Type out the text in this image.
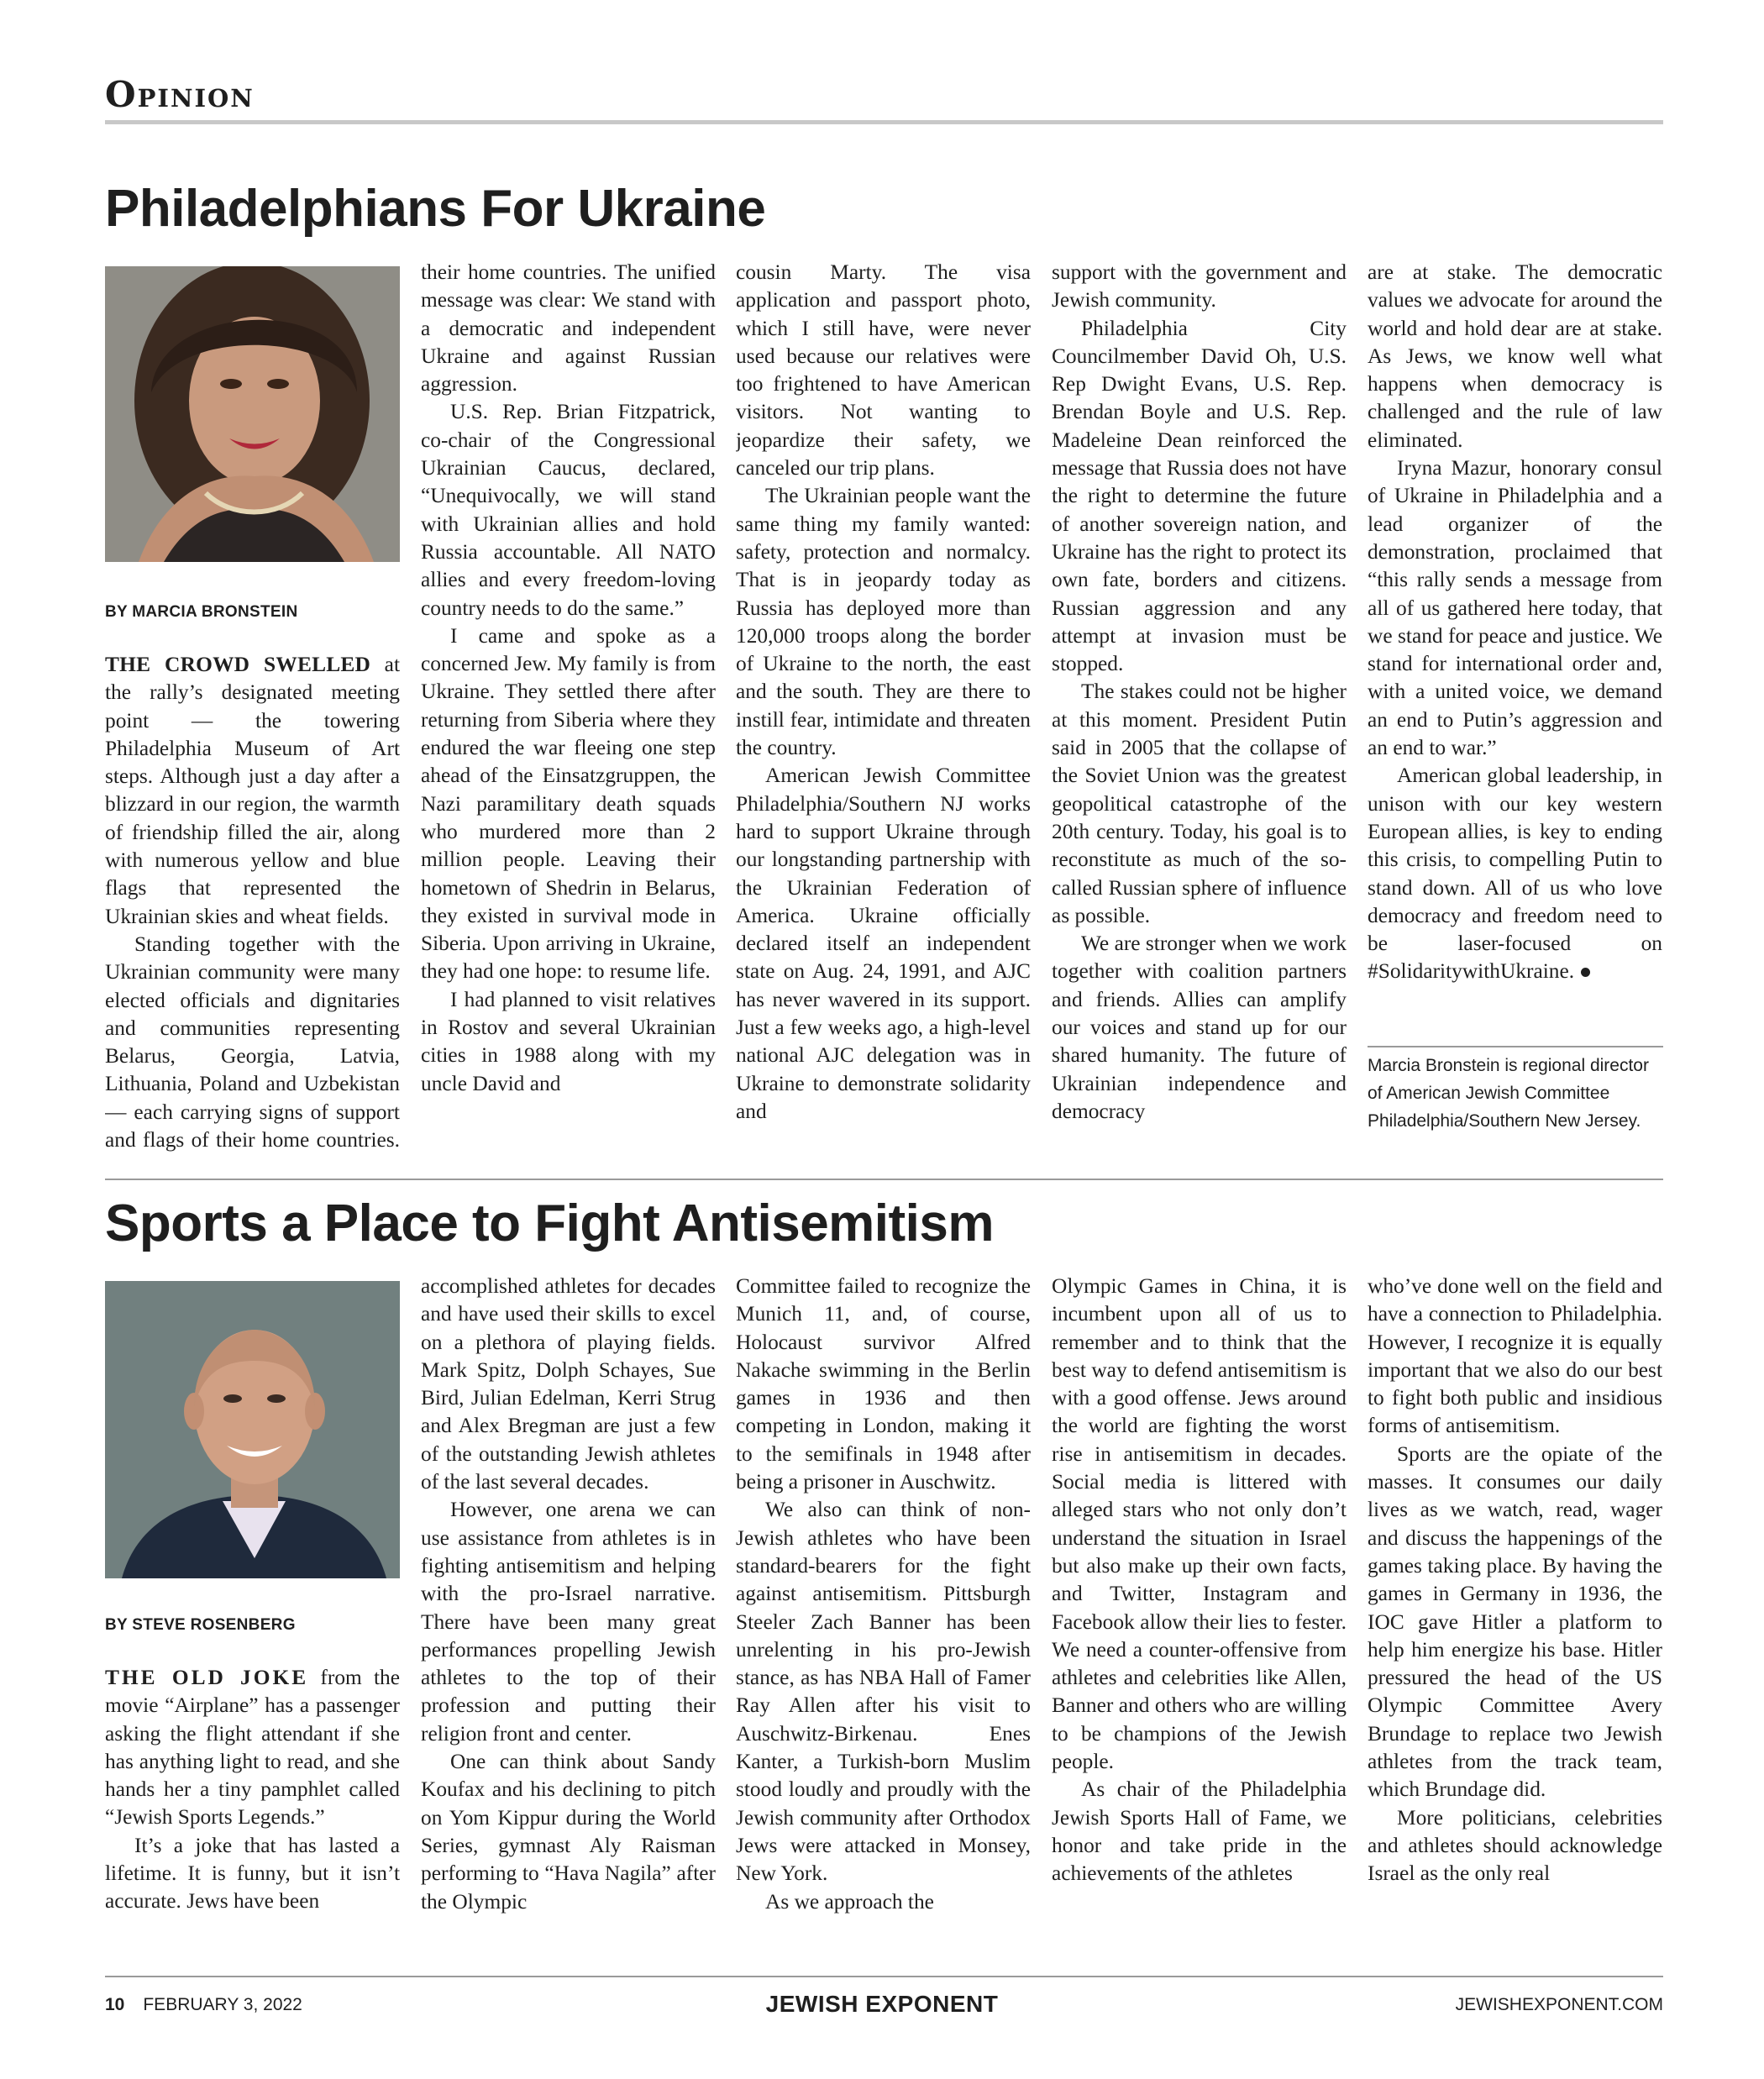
Opinion
Philadelphians For Ukraine
BY MARCIA BRONSTEIN

THE CROWD SWELLED at the rally’s designated meeting point — the towering Philadelphia Museum of Art steps. Although just a day after a blizzard in our region, the warmth of friendship filled the air, along with numerous yellow and blue flags that represented the Ukrainian skies and wheat fields.

Standing together with the Ukrainian community were many elected officials and dignitaries and communities representing Belarus, Georgia, Latvia, Lithuania, Poland and Uzbekistan — each carrying signs of support and flags of their home countries.

their home countries. The unified message was clear: We stand with a democratic and independent Ukraine and against Russian aggression.

U.S. Rep. Brian Fitzpatrick, co-chair of the Congressional Ukrainian Caucus, declared, “Unequivocally, we will stand with Ukrainian allies and hold Russia accountable. All NATO allies and every freedom-loving country needs to do the same.”

I came and spoke as a concerned Jew. My family is from Ukraine. They settled there after returning from Siberia where they endured the war fleeing one step ahead of the Einsatzgruppen, the Nazi paramilitary death squads who murdered more than 2 million people. Leaving their hometown of Shedrin in Belarus, they existed in survival mode in Siberia. Upon arriving in Ukraine, they had one hope: to resume life.

I had planned to visit relatives in Rostov and several Ukrainian cities in 1988 along with my uncle David and

cousin Marty. The visa application and passport photo, which I still have, were never used because our relatives were too frightened to have American visitors. Not wanting to jeopardize their safety, we canceled our trip plans.

The Ukrainian people want the same thing my family wanted: safety, protection and normalcy. That is in jeopardy today as Russia has deployed more than 120,000 troops along the border of Ukraine to the north, the east and the south. They are there to instill fear, intimidate and threaten the country.

American Jewish Committee Philadelphia/Southern NJ works hard to support Ukraine through our longstanding partnership with the Ukrainian Federation of America. Ukraine officially declared itself an independent state on Aug. 24, 1991, and AJC has never wavered in its support. Just a few weeks ago, a high-level national AJC delegation was in Ukraine to demonstrate solidarity and

support with the government and Jewish community.

Philadelphia City Councilmember David Oh, U.S. Rep Dwight Evans, U.S. Rep. Brendan Boyle and U.S. Rep. Madeleine Dean reinforced the message that Russia does not have the right to determine the future of another sovereign nation, and Ukraine has the right to protect its own fate, borders and citizens. Russian aggression and any attempt at invasion must be stopped.

The stakes could not be higher at this moment. President Putin said in 2005 that the collapse of the Soviet Union was the greatest geopolitical catastrophe of the 20th century. Today, his goal is to reconstitute as much of the so-called Russian sphere of influence as possible.

We are stronger when we work together with coalition partners and friends. Allies can amplify our voices and stand up for our shared humanity. The future of Ukrainian independence and democracy

are at stake. The democratic values we advocate for around the world and hold dear are at stake. As Jews, we know well what happens when democracy is challenged and the rule of law eliminated.

Iryna Mazur, honorary consul of Ukraine in Philadelphia and a lead organizer of the demonstration, proclaimed that “this rally sends a message from all of us gathered here today, that we stand for peace and justice. We stand for international order and, with a united voice, we demand an end to Putin’s aggression and an end to war.”

American global leadership, in unison with our key western European allies, is key to ending this crisis, to compelling Putin to stand down. All of us who love democracy and freedom need to be laser-focused on #SolidaritywithUkraine.

Marcia Bronstein is regional director of American Jewish Committee Philadelphia/Southern New Jersey.
Sports a Place to Fight Antisemitism
BY STEVE ROSENBERG

THE OLD JOKE from the movie “Airplane” has a passenger asking the flight attendant if she has anything light to read, and she hands her a tiny pamphlet called “Jewish Sports Legends.”

It’s a joke that has lasted a lifetime. It is funny, but it isn’t accurate. Jews have been

accomplished athletes for decades and have used their skills to excel on a plethora of playing fields. Mark Spitz, Dolph Schayes, Sue Bird, Julian Edelman, Kerri Strug and Alex Bregman are just a few of the outstanding Jewish athletes of the last several decades.

However, one arena we can use assistance from athletes is in fighting antisemitism and helping with the pro-Israel narrative. There have been many great performances propelling Jewish athletes to the top of their profession and putting their religion front and center.

One can think about Sandy Koufax and his declining to pitch on Yom Kippur during the World Series, gymnast Aly Raisman performing to “Hava Nagila” after the Olympic

Committee failed to recognize the Munich 11, and, of course, Holocaust survivor Alfred Nakache swimming in the Berlin games in 1936 and then competing in London, making it to the semifinals in 1948 after being a prisoner in Auschwitz.

We also can think of non-Jewish athletes who have been standard-bearers for the fight against antisemitism. Pittsburgh Steeler Zach Banner has been unrelenting in his pro-Jewish stance, as has NBA Hall of Famer Ray Allen after his visit to Auschwitz-Birkenau. Enes Kanter, a Turkish-born Muslim stood loudly and proudly with the Jewish community after Orthodox Jews were attacked in Monsey, New York.

As we approach the

Olympic Games in China, it is incumbent upon all of us to remember and to think that the best way to defend antisemitism is with a good offense. Jews around the world are fighting the worst rise in antisemitism in decades. Social media is littered with alleged stars who not only don’t understand the situation in Israel but also make up their own facts, and Twitter, Instagram and Facebook allow their lies to fester. We need a counter-offensive from athletes and celebrities like Allen, Banner and others who are willing to be champions of the Jewish people.

As chair of the Philadelphia Jewish Sports Hall of Fame, we honor and take pride in the achievements of the athletes

who’ve done well on the field and have a connection to Philadelphia. However, I recognize it is equally important that we also do our best to fight both public and insidious forms of antisemitism.

Sports are the opiate of the masses. It consumes our daily lives as we watch, read, wager and discuss the happenings of the games taking place. By having the games in Germany in 1936, the IOC gave Hitler a platform to help him energize his base. Hitler pressured the head of the US Olympic Committee Avery Brundage to replace two Jewish athletes from the track team, which Brundage did.

More politicians, celebrities and athletes should acknowledge Israel as the only real

10 FEBRUARY 3, 2022	JEWISH EXPONENT	JEWISHEXPONENT.COM
